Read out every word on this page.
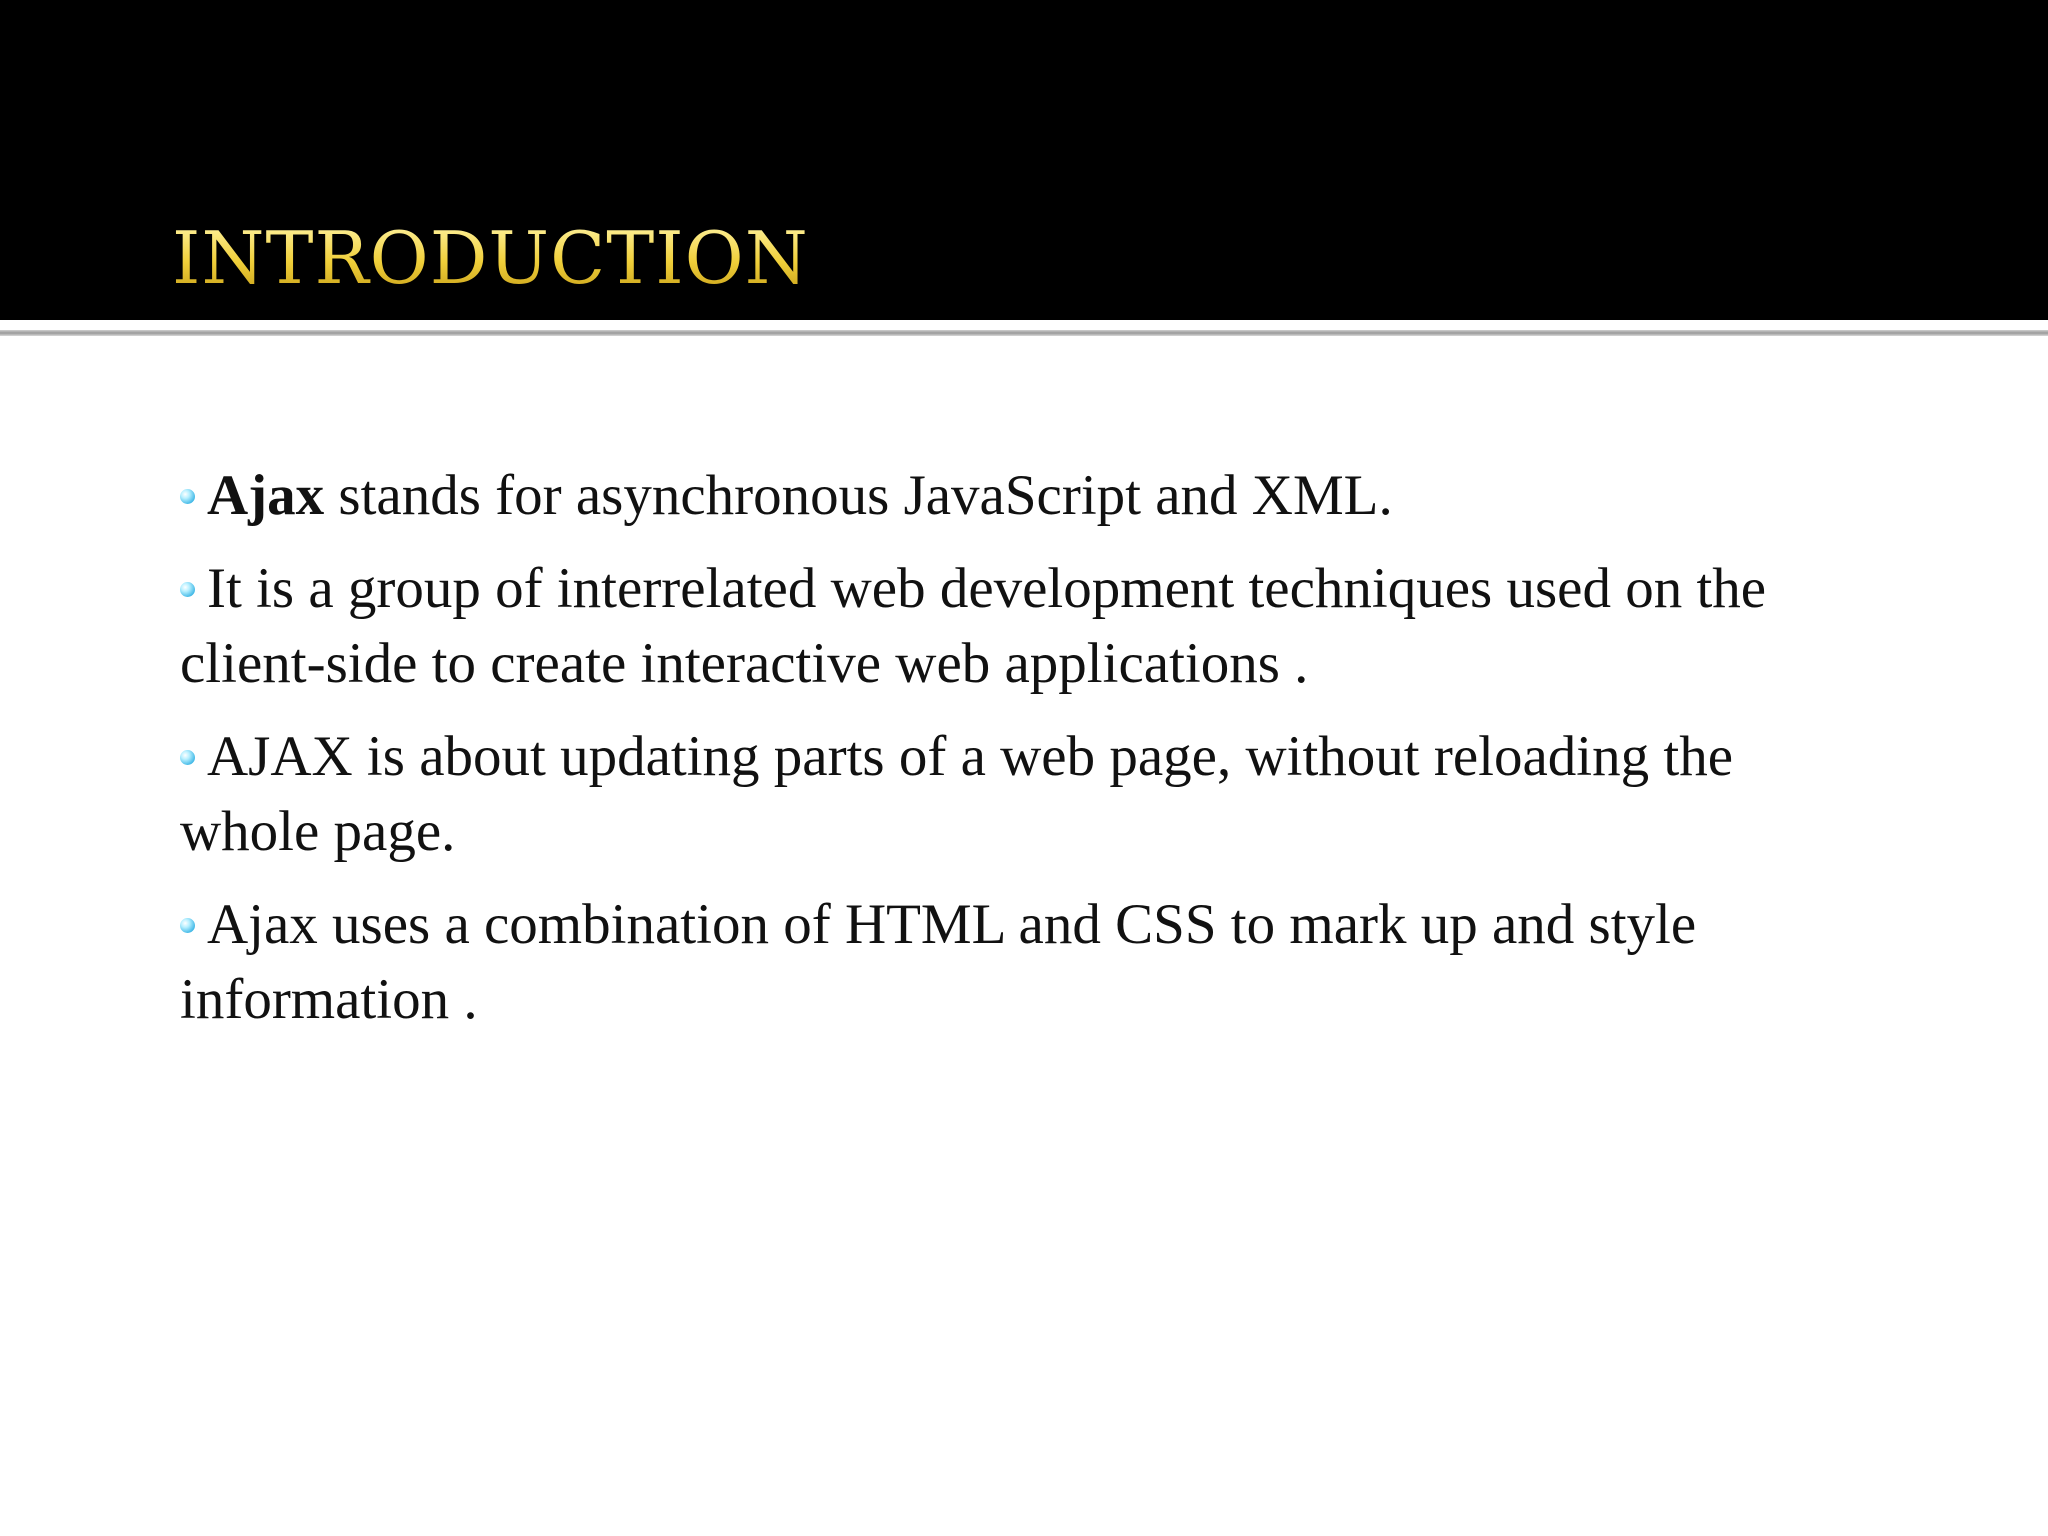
INTRODUCTION

Ajax stands for asynchronous JavaScript and XML.

It is a group of interrelated web development techniques used on the client-side to create interactive web applications .

AJAX is about updating parts of a web page, without reloading the whole page.

Ajax uses a combination of HTML and CSS to mark up and style information .
